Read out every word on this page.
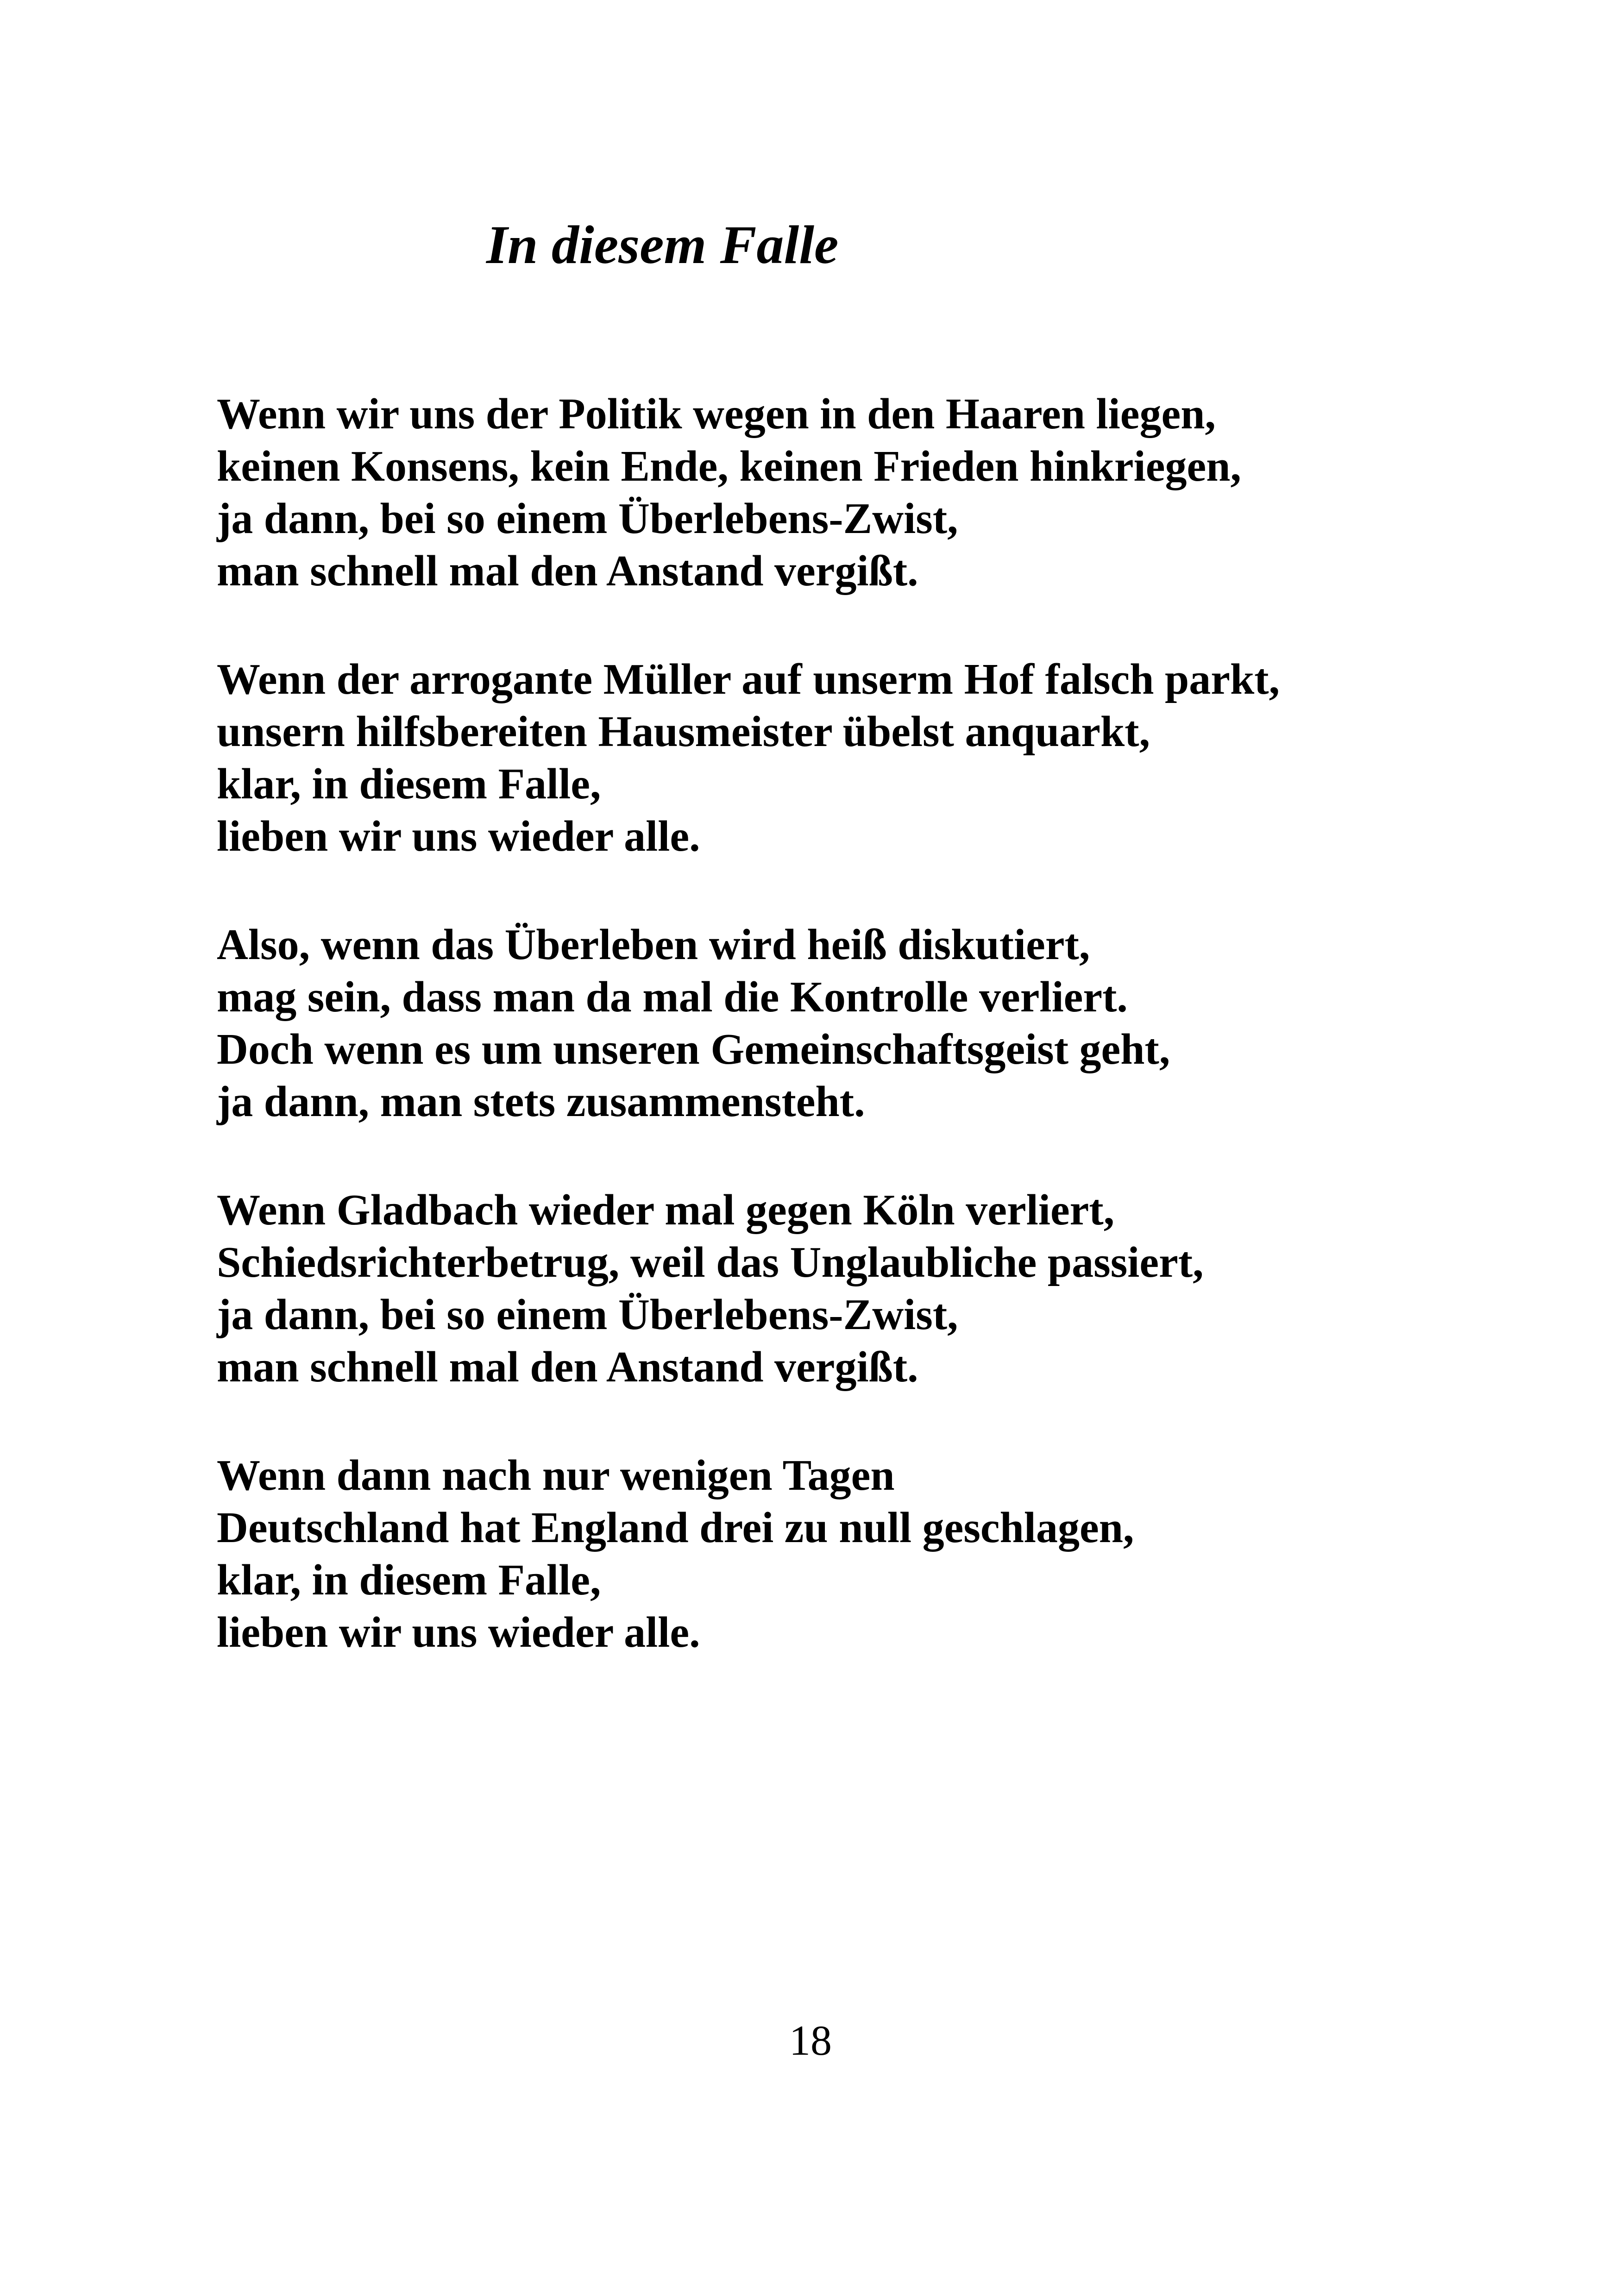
In diesem Falle
Wenn wir uns der Politik wegen in den Haaren liegen,
keinen Konsens, kein Ende, keinen Frieden hinkriegen,
ja dann, bei so einem Überlebens-Zwist,
man schnell mal den Anstand vergißt.
Wenn der arrogante Müller auf unserm Hof falsch parkt,
unsern hilfsbereiten Hausmeister übelst anquarkt,
klar, in diesem Falle,
lieben wir uns wieder alle.
Also, wenn das Überleben wird heiß diskutiert,
mag sein, dass man da mal die Kontrolle verliert.
Doch wenn es um unseren Gemeinschaftsgeist geht,
ja dann, man stets zusammensteht.
Wenn Gladbach wieder mal gegen Köln verliert,
Schiedsrichterbetrug, weil das Unglaubliche passiert,
ja dann, bei so einem Überlebens-Zwist,
man schnell mal den Anstand vergißt.
Wenn dann nach nur wenigen Tagen
Deutschland hat England drei zu null geschlagen,
klar, in diesem Falle,
lieben wir uns wieder alle.
18
